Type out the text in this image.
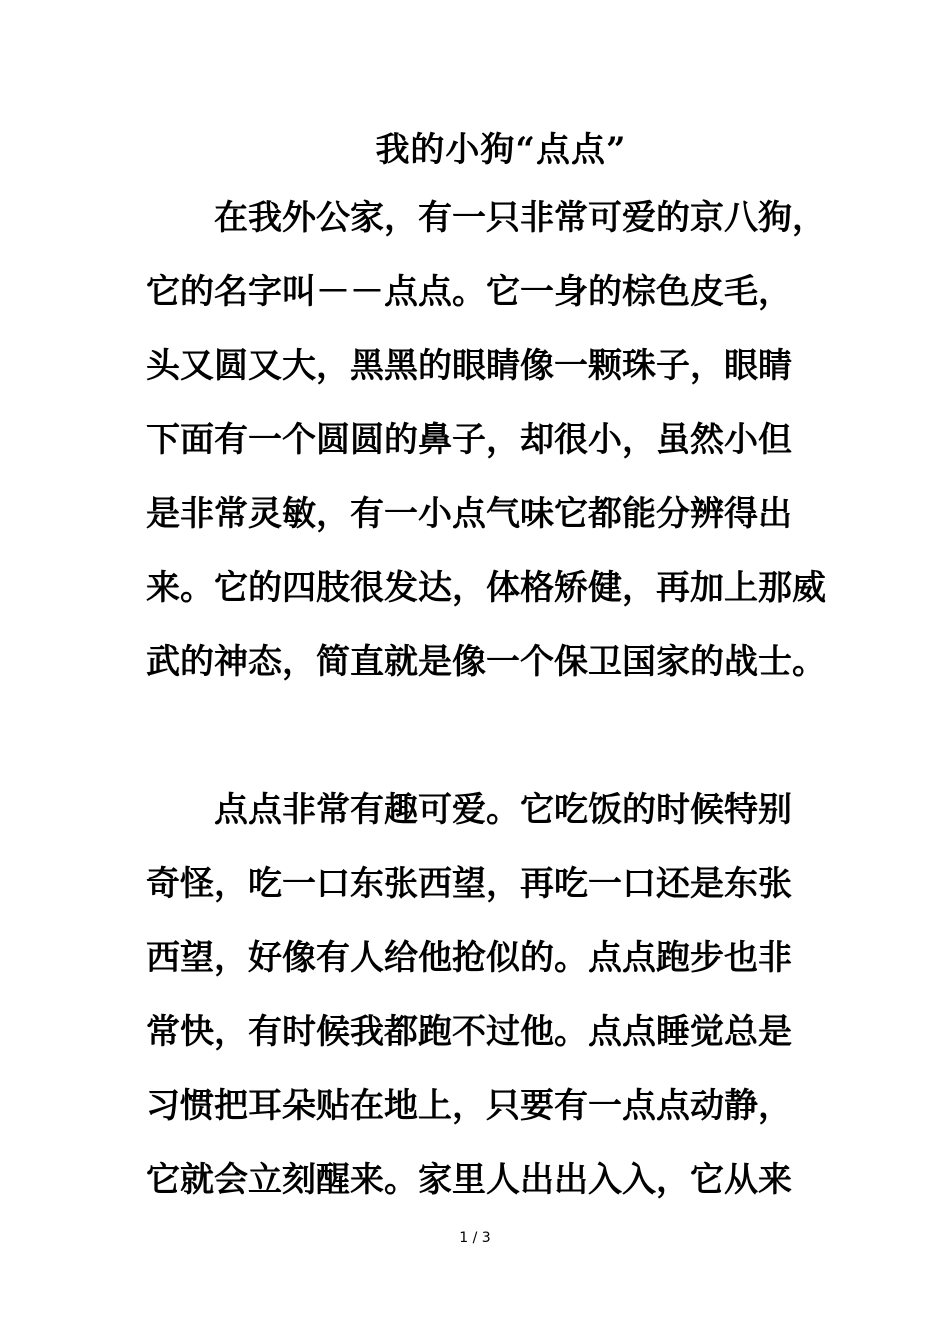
我的小狗“点点”
　　在我外公家，有一只非常可爱的京八狗，
它的名字叫－－点点。它一身的棕色皮毛，
头又圆又大，黑黑的眼睛像一颗珠子，眼睛
下面有一个圆圆的鼻子，却很小，虽然小但
是非常灵敏，有一小点气味它都能分辨得出
来。它的四肢很发达，体格矫健，再加上那威
武的神态，简直就是像一个保卫国家的战士。
　　点点非常有趣可爱。它吃饭的时候特别
奇怪，吃一口东张西望，再吃一口还是东张
西望，好像有人给他抢似的。点点跑步也非
常快，有时候我都跑不过他。点点睡觉总是
习惯把耳朵贴在地上，只要有一点点动静，
它就会立刻醒来。家里人出出入入，它从来
1 / 3
